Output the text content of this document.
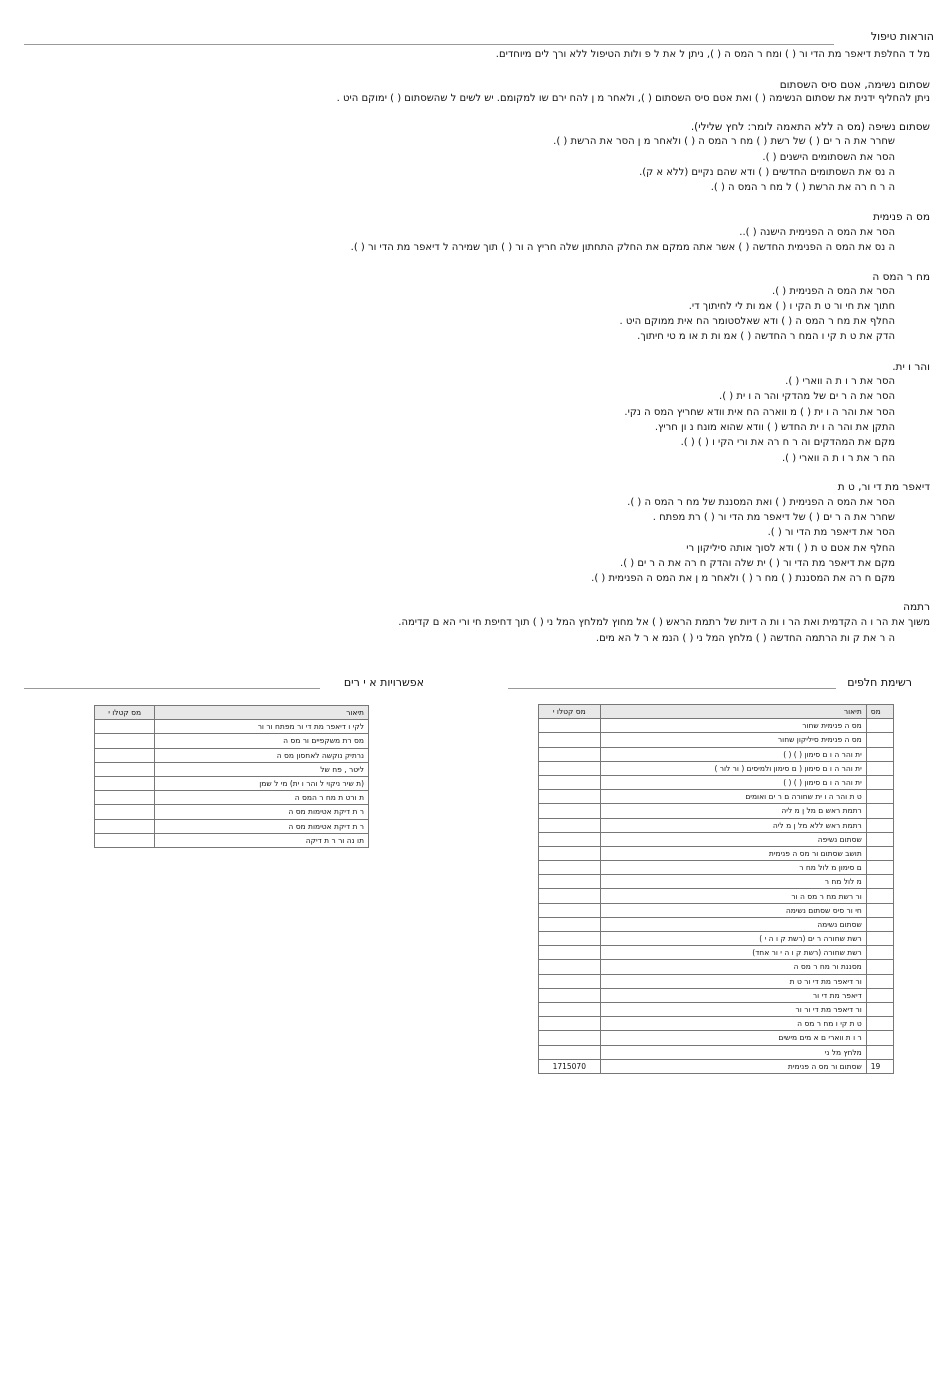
הוראות טיפול
מל ד החלפת דיאפר מת הדי ור ( ) ומח ר המס ה ( ), ניתן ל את ל פ ולות הטיפול ללא ורך לים מיוחדים.
שסתום נשימה, אטם סיס השסתום
ניתן להחליף ידנית את שסתום הנשימה ( ) ואת אטם סיס השסתום ( ), ולאחר מ ן להח ירם שו למקומם. יש לשים ל שהשסתום ( ) ימוקם היט .
שסתום נשיפה (מס ה ללא התאמה לומר: לחץ שלילי).
שחרר את ה ר ים ( ) של רשת ( ) מח ר המס ה ( ) ולאחר מ ן הסר את הרשת ( ).
הסר את השסתומים הישנים ( ).
ה נס את השסתומים החדשים ( ) ודא שהם נקיים (ללא א ק).
ה ר ח רה את הרשת ( ) ל מח ר המס ה ( ).
מס ה פנימית
הסר את המס ה הפנימית הישנה ( )..
ה נס את המס ה הפנימית החדשה ( ) אשר אתה ממקם את החלק התחתון שלה חריץ ה ור ( ) תוך שמירה ל דיאפר מת הדי ור ( ).
מח ר המס ה
הסר את המס ה הפנימית ( ).
חתוך את חי ור ט ת הקי ו ( ) אמ ות לי לחיתוך די.
החלף את מח ר המס ה ( ) ודא שאלסטומר הח אית ממוקם היט .
הדק את ט ת קי ו המח ר החדשה ( ) אמ ות ת או מ טי חיתוך.
והר ו ית.
הסר את ר ו ת ה ווארי ( ).
הסר את ה ר ים של מהדקי והר ה ו ית ( ).
הסר את והר ה ו ית ( ) מ ווארה הח אית וודא שחריץ המס ה נקי.
התקן את והר ה ו ית החדש ( ) וודא שהוא מונח נ ון חריץ.
מקם את המהדקים וה ר ח רה את ורי הקי ו ( ) ( ).
הח ר את ר ו ת ה ווארי ( ).
דיאפר מת די ור, ט ת
הסר את המס ה הפנימית ( ) ואת המסננת של מח ר המס ה ( ).
שחרר את ה ר ים ( ) של דיאפר מת הדי ור ( ) רת מפתח .
הסר את דיאפר מת הדי ור ( ).
החלף את אטם ט ת ( ) ודא לסוך אותה סיליקון רי
מקם את דיאפר מת הדי ור ( ) ית שלה והדק ח רה את ה ר ים ( ).
מקם ח רה את המסננת ( ) מח ר ( ) ולאחר מ ן את המס ה הפנימית ( ).
רתמה
משוך את הר ו ה הקדמית ואת הר ו ות ה דיות של רתמת הראש ( ) אל מחוץ למלחץ המל ני ( ) תוך דחיפת חי ורי הא ם קדימה.
ה ר את ק ות הרתמה החדשה ( ) מלחץ המל ני ( ) הנמ א ר ל הא מים.
רשימת חלפים
מס	תיאור	מס קטלו י
	מס ה פנימית שחור	
	מס ה פנימית סיליקון שחור	
	ית והר ה ו ם סימון ( ) ( )	
	ית והר ה ו ם סימון ( ם סימון ולמיסים ( ור לור )	
	ית והר ה ו ם סימון ( ) ( )	
	ט ת והר ה ו ית שחורה ם ר ים ואומים	
	רתמת ראש ם מל ן מ ליה	
	רתמת ראש ללא מל ן מ ליה	
	שסתום נשיפה	
	תושב שסתום ור מס ה פנימית	
	ם סימון מ לול מח ר	
	מ לול מח ר	
	ור רשת מח ר מס ה ור	
	חי ור סיס שסתום נשימה	
	שסתום נשימה	
	רשת שחורה ר ים (רשת ק ו ה י )	
	רשת שחורה (רשת ק ו ה י ור אחד)	
	מסננת ור מח ר מס ה	
	ור דיאפר מת די ור ט ת	
	דיאפר מת די ור	
	ור דיאפר מת די ור ור	
	ט ת קי ו מח ר מס ה	
	ר ו ת ווארי ם א מים מישים	
	מלחץ מל ני	
19	שסתום ור מס ה פנימית	1715070
אפשרויות א י רים
תיאור	מס קטלו י
לקי ו דיאפר מת די ור מפתח ור ור	
מס רת משקפיים ור מס ה	
נרתיק נוקשה לאחסון מס ה	
ליטר , פח של	
(ת שיר ניקוי ל והר ו ית) מי ל שמן	
ת ורט ת מח ר המס ה	
ר ת דיקת אטימות מס ה	
ר ת דיקת אטימות מס ה	
תו נה ור ר ת דיקה	
